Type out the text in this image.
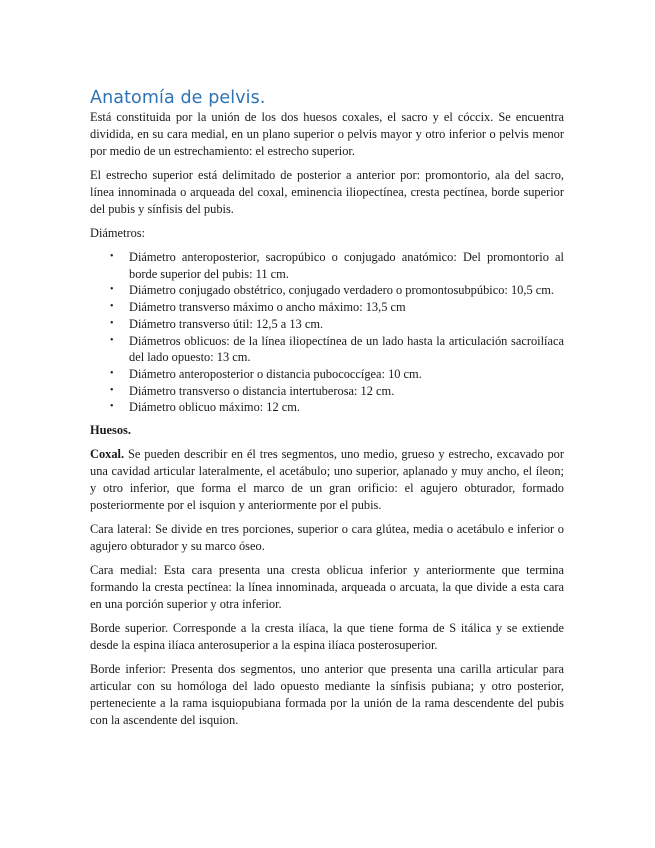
Anatomía de pelvis.

Está constituida por la unión de los dos huesos coxales, el sacro y el cóccix. Se encuentra dividida, en su cara medial, en un plano superior o pelvis mayor y otro inferior o pelvis menor por medio de un estrechamiento: el estrecho superior.

El estrecho superior está delimitado de posterior a anterior por: promontorio, ala del sacro, línea innominada o arqueada del coxal, eminencia iliopectínea, cresta pectínea, borde superior del pubis y sínfisis del pubis.

Diámetros:

• Diámetro anteroposterior, sacropúbico o conjugado anatómico: Del promontorio al borde superior del pubis: 11 cm.
• Diámetro conjugado obstétrico, conjugado verdadero o promontosubpúbico: 10,5 cm.
• Diámetro transverso máximo o ancho máximo: 13,5 cm
• Diámetro transverso útil: 12,5 a 13 cm.
• Diámetros oblicuos: de la línea iliopectínea de un lado hasta la articulación sacroilíaca del lado opuesto: 13 cm.
• Diámetro anteroposterior o distancia pubococcígea: 10 cm.
• Diámetro transverso o distancia intertuberosa: 12 cm.
• Diámetro oblicuo máximo: 12 cm.

Huesos.

Coxal. Se pueden describir en él tres segmentos, uno medio, grueso y estrecho, excavado por una cavidad articular lateralmente, el acetábulo; uno superior, aplanado y muy ancho, el íleon; y otro inferior, que forma el marco de un gran orificio: el agujero obturador, formado posteriormente por el isquion y anteriormente por el pubis.

Cara lateral: Se divide en tres porciones, superior o cara glútea, media o acetábulo e inferior o agujero obturador y su marco óseo.

Cara medial: Esta cara presenta una cresta oblicua inferior y anteriormente que termina formando la cresta pectínea: la línea innominada, arqueada o arcuata, la que divide a esta cara en una porción superior y otra inferior.

Borde superior. Corresponde a la cresta ilíaca, la que tiene forma de S itálica y se extiende desde la espina ilíaca anterosuperior a la espina ilíaca posterosuperior.

Borde inferior: Presenta dos segmentos, uno anterior que presenta una carilla articular para articular con su homóloga del lado opuesto mediante la sínfisis pubiana; y otro posterior, perteneciente a la rama isquiopubiana formada por la unión de la rama descendente del pubis con la ascendente del isquion.
